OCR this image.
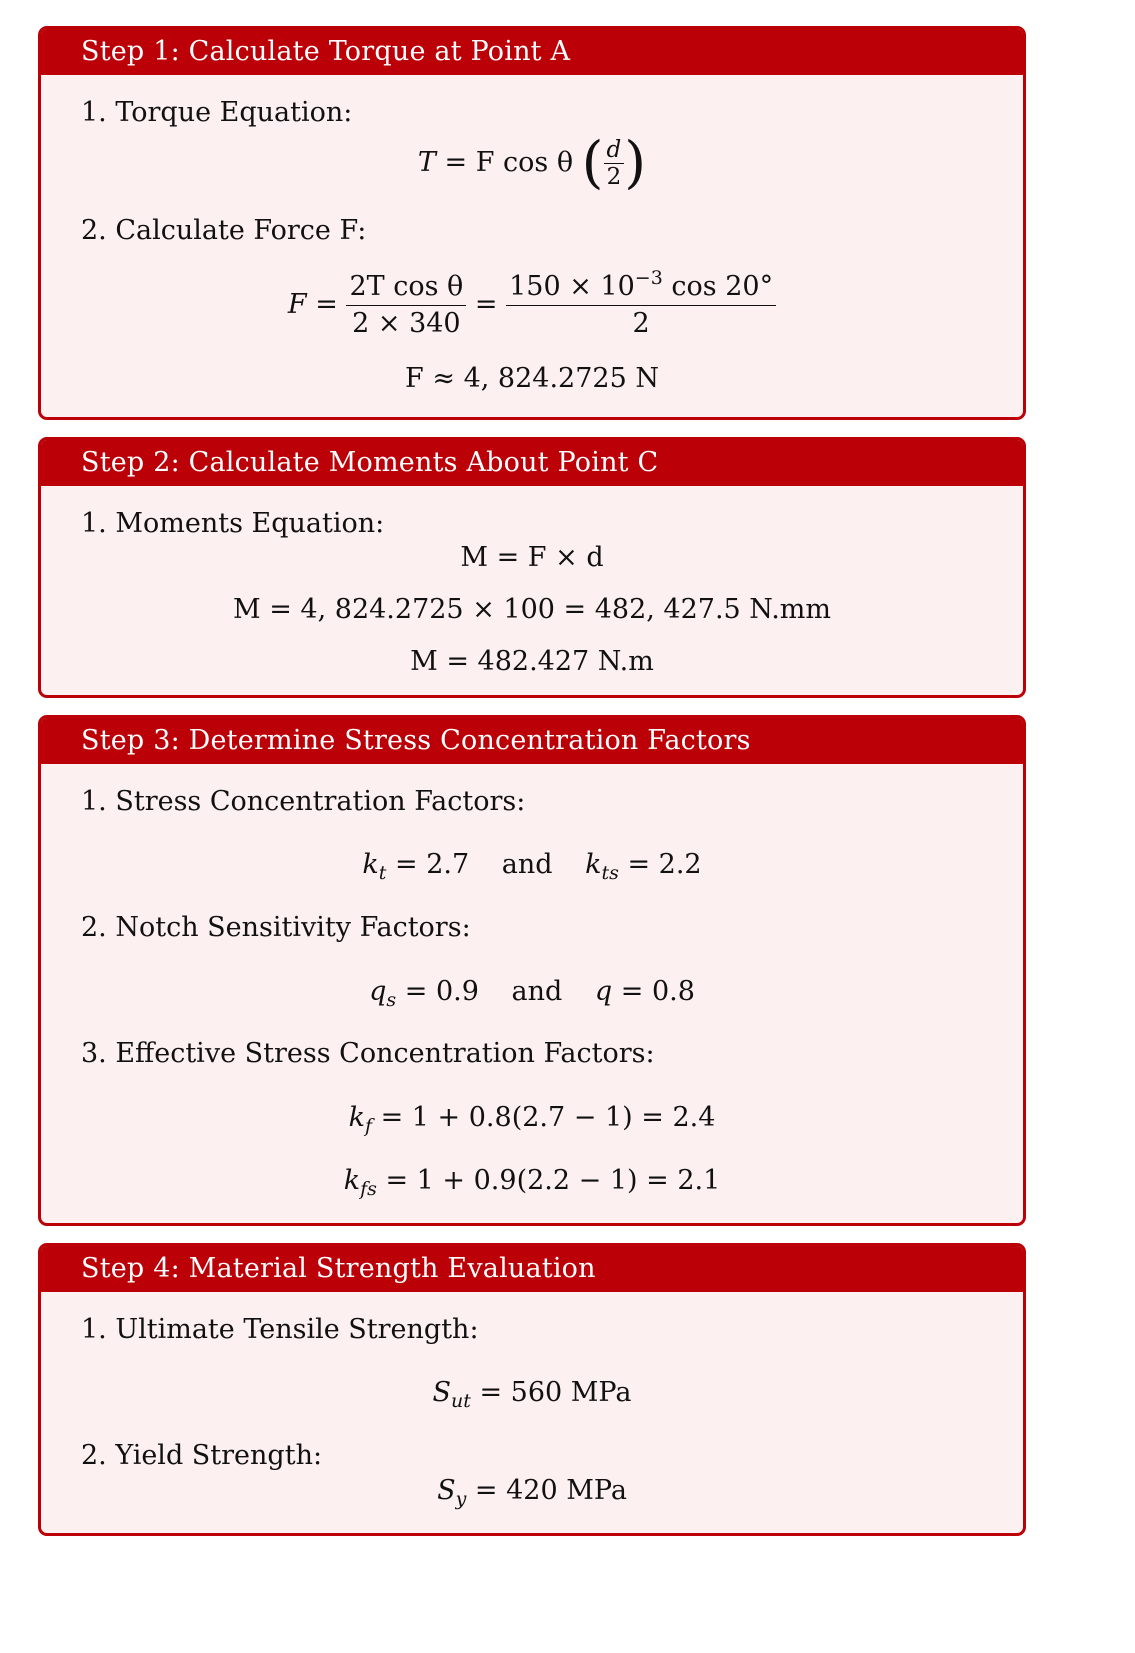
Step 1: Calculate Torque at Point A
1. Torque Equation:
T = F cos θ ( $\frac{d}{2}$ )
2. Calculate Force F:
$F = \frac{\text{2T cos θ}}{2 \times 340} = \frac{150 \times 10^{-3} \cos 20^\circ}{2}$
F ≈ 4, 824.2725 N
Step 2: Calculate Moments About Point C
1. Moments Equation:
M = F × d
M = 4, 824.2725 × 100 = 482, 427.5 N.mm
M = 482.427 N.m
Step 3: Determine Stress Concentration Factors
1. Stress Concentration Factors:
$k_t = 2.7$ and $k_{ts} = 2.2$
2. Notch Sensitivity Factors:
$q_s = 0.9$ and q = 0.8
3. Effective Stress Concentration Factors:
$k_f = 1 + 0.8(2.7 - 1) = 2.4$
$k_{fs} = 1 + 0.9(2.2 - 1) = 2.1$
Step 4: Material Strength Evaluation
1. Ultimate Tensile Strength:
$S_{ut} = 560$ MPa
2. Yield Strength:
$S_y = 420$ MPa
